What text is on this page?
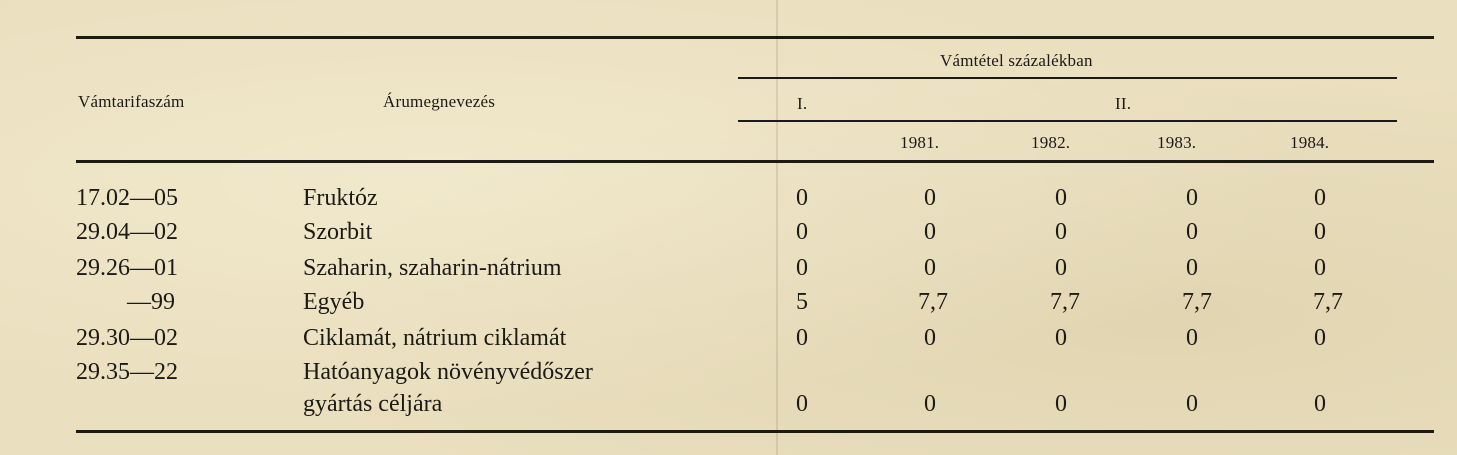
Vámtarifaszám	Árumegnevezés
Vámtétel százalékban
I.	II.
1981.	1982.	1983.	1984.
17.02—05	Fruktóz	0	0	0	0	0
29.04—02	Szorbit	0	0	0	0	0
29.26—01	Szaharin, szaharin-nátrium	0	0	0	0	0
—99	Egyéb	5	7,7	7,7	7,7	7,7
29.30—02	Ciklamát, nátrium ciklamát	0	0	0	0	0
29.35—22	Hatóanyagok növényvédőszer
gyártás céljára	0	0	0	0	0
